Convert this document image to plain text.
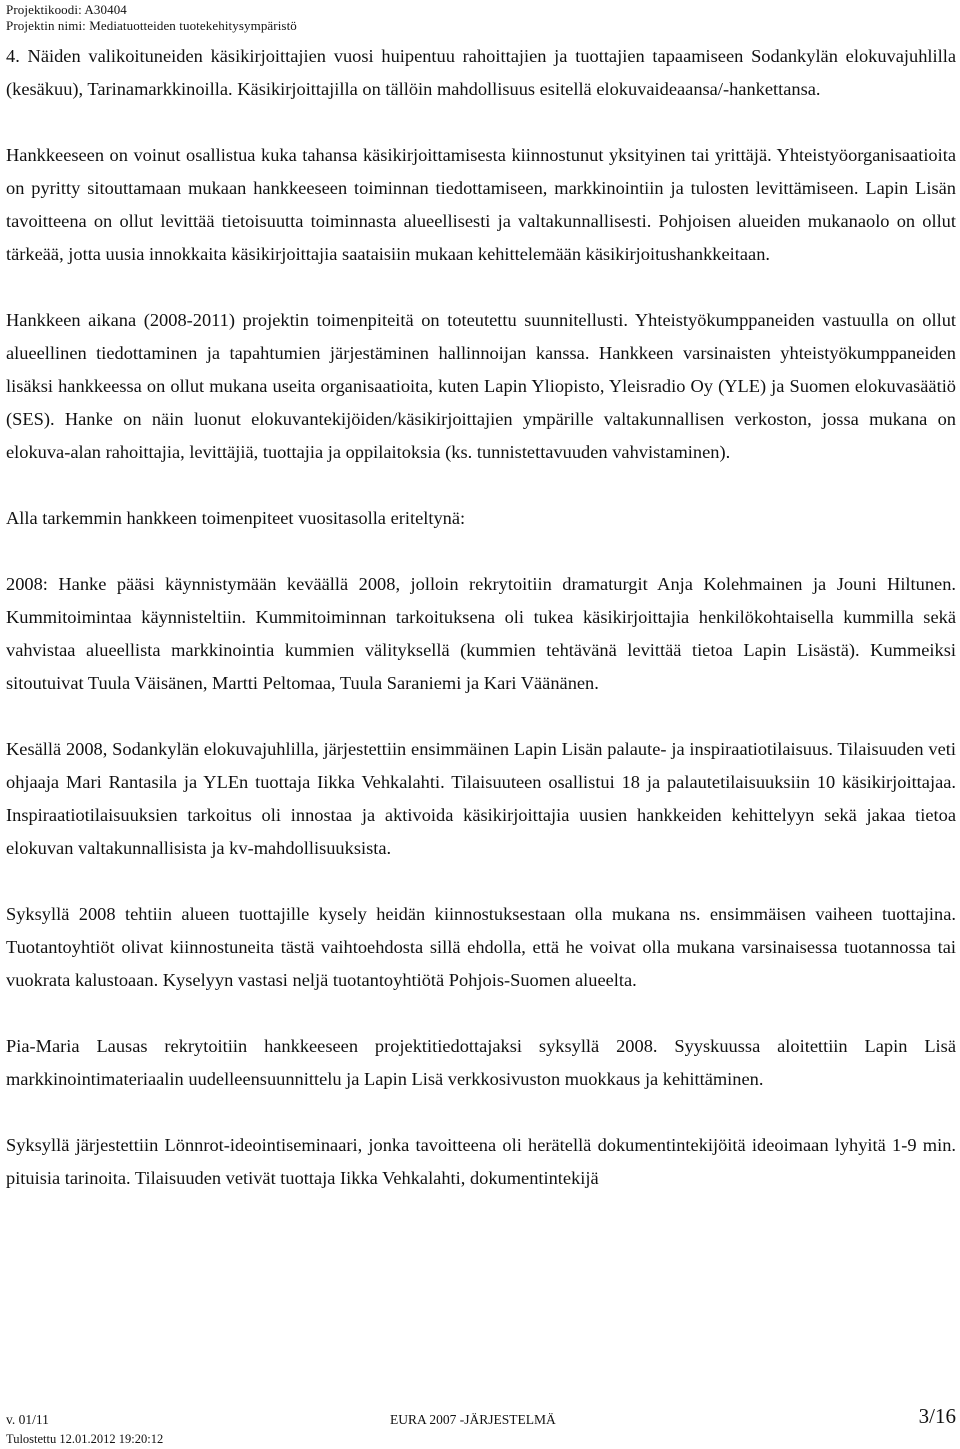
Projektikoodi: A30404
Projektin nimi: Mediatuotteiden tuotekehitysympäristö

4. Näiden valikoituneiden käsikirjoittajien vuosi huipentuu rahoittajien ja tuottajien tapaamiseen Sodankylän elokuvajuhlilla (kesäkuu), Tarinamarkkinoilla. Käsikirjoittajilla on tällöin mahdollisuus esitellä elokuvaideaansa/-hankettansa.

Hankkeeseen on voinut osallistua kuka tahansa käsikirjoittamisesta kiinnostunut yksityinen tai yrittäjä. Yhteistyöorganisaatioita on pyritty sitouttamaan mukaan hankkeeseen toiminnan tiedottamiseen, markkinointiin ja tulosten levittämiseen. Lapin Lisän tavoitteena on ollut levittää tietoisuutta toiminnasta alueellisesti ja valtakunnallisesti. Pohjoisen alueiden mukanaolo on ollut tärkeää, jotta uusia innokkaita käsikirjoittajia saataisiin mukaan kehittelemään käsikirjoitushankkeitaan.

Hankkeen aikana (2008-2011) projektin toimenpiteitä on toteutettu suunnitellusti. Yhteistyökumppaneiden vastuulla on ollut alueellinen tiedottaminen ja tapahtumien järjestäminen hallinnoijan kanssa. Hankkeen varsinaisten yhteistyökumppaneiden lisäksi hankkeessa on ollut mukana useita organisaatioita, kuten Lapin Yliopisto, Yleisradio Oy (YLE) ja Suomen elokuvasäätiö (SES). Hanke on näin luonut elokuvantekijöiden/käsikirjoittajien ympärille valtakunnallisen verkoston, jossa mukana on elokuva-alan rahoittajia, levittäjiä, tuottajia ja oppilaitoksia (ks. tunnistettavuuden vahvistaminen).

Alla tarkemmin hankkeen toimenpiteet vuositasolla eriteltynä:

2008: Hanke pääsi käynnistymään keväällä 2008, jolloin rekrytoitiin dramaturgit Anja Kolehmainen ja Jouni Hiltunen. Kummitoimintaa käynnisteltiin. Kummitoiminnan tarkoituksena oli tukea käsikirjoittajia henkilökohtaisella kummilla sekä vahvistaa alueellista markkinointia kummien välityksellä (kummien tehtävänä levittää tietoa Lapin Lisästä). Kummeiksi sitoutuivat Tuula Väisänen, Martti Peltomaa, Tuula Saraniemi ja Kari Väänänen.

Kesällä 2008, Sodankylän elokuvajuhlilla, järjestettiin ensimmäinen Lapin Lisän palaute- ja inspiraatiotilaisuus. Tilaisuuden veti ohjaaja Mari Rantasila ja YLEn tuottaja Iikka Vehkalahti. Tilaisuuteen osallistui 18 ja palautetilaisuuksiin 10 käsikirjoittajaa. Inspiraatiotilaisuuksien tarkoitus oli innostaa ja aktivoida käsikirjoittajia uusien hankkeiden kehittelyyn sekä jakaa tietoa elokuvan valtakunnallisista ja kv-mahdollisuuksista.

Syksyllä 2008 tehtiin alueen tuottajille kysely heidän kiinnostuksestaan olla mukana ns. ensimmäisen vaiheen tuottajina. Tuotantoyhtiöt olivat kiinnostuneita tästä vaihtoehdosta sillä ehdolla, että he voivat olla mukana varsinaisessa tuotannossa tai vuokrata kalustoaan. Kyselyyn vastasi neljä tuotantoyhtiötä Pohjois-Suomen alueelta.

Pia-Maria Lausas rekrytoitiin hankkeeseen projektitiedottajaksi syksyllä 2008. Syyskuussa aloitettiin Lapin Lisä markkinointimateriaalin uudelleensuunnittelu ja Lapin Lisä verkkosivuston muokkaus ja kehittäminen.

Syksyllä järjestettiin Lönnrot-ideointiseminaari, jonka tavoitteena oli herätellä dokumentintekijöitä ideoimaan lyhyitä 1-9 min. pituisia tarinoita. Tilaisuuden vetivät tuottaja Iikka Vehkalahti, dokumentintekijä

v. 01/11	EURA 2007 -JÄRJESTELMÄ	3/16
Tulostettu 12.01.2012 19:20:12
